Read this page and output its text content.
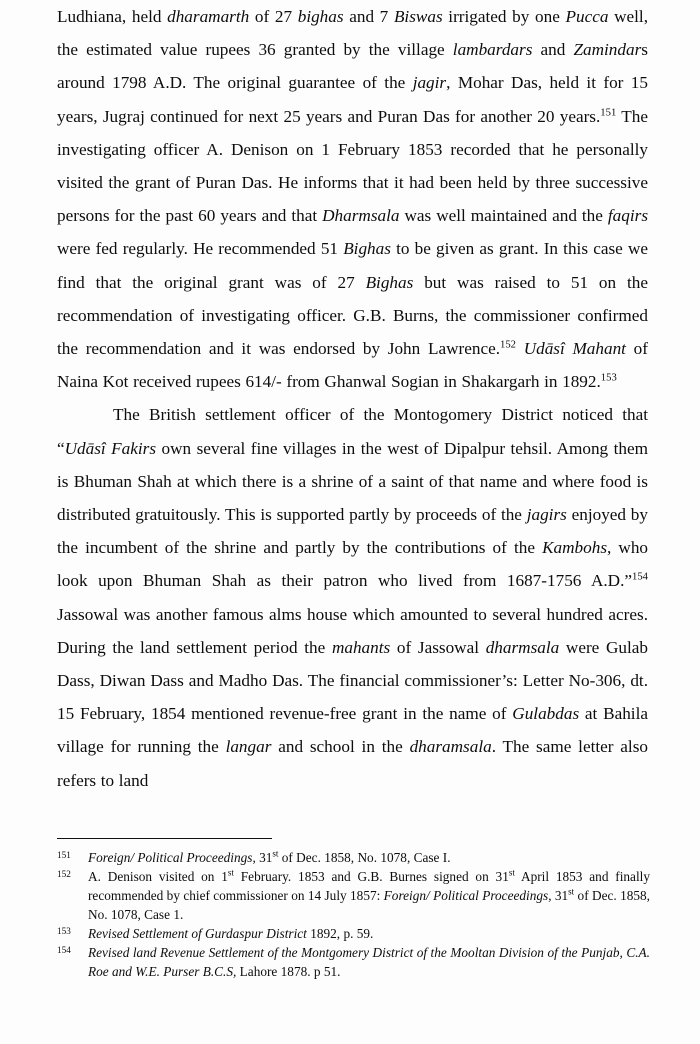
Ludhiana, held dharamarth of 27 bighas and 7 Biswas irrigated by one Pucca well, the estimated value rupees 36 granted by the village lambardars and Zamindars around 1798 A.D. The original guarantee of the jagir, Mohar Das, held it for 15 years, Jugraj continued for next 25 years and Puran Das for another 20 years.$^{151}$ The investigating officer A. Denison on 1 February 1853 recorded that he personally visited the grant of Puran Das. He informs that it had been held by three successive persons for the past 60 years and that Dharmsala was well maintained and the faqirs were fed regularly. He recommended 51 Bighas to be given as grant. In this case we find that the original grant was of 27 Bighas but was raised to 51 on the recommendation of investigating officer. G.B. Burns, the commissioner confirmed the recommendation and it was endorsed by John Lawrence.$^{152}$ Udāsî Mahant of Naina Kot received rupees 614/- from Ghanwal Sogian in Shakargarh in 1892.$^{153}$

The British settlement officer of the Montogomery District noticed that “Udāsî Fakirs own several fine villages in the west of Dipalpur tehsil. Among them is Bhuman Shah at which there is a shrine of a saint of that name and where food is distributed gratuitously. This is supported partly by proceeds of the jagirs enjoyed by the incumbent of the shrine and partly by the contributions of the Kambohs, who look upon Bhuman Shah as their patron who lived from 1687-1756 A.D.”$^{154}$ Jassowal was another famous alms house which amounted to several hundred acres. During the land settlement period the mahants of Jassowal dharmsala were Gulab Dass, Diwan Dass and Madho Das. The financial commissioner’s: Letter No-306, dt. 15 February, 1854 mentioned revenue-free grant in the name of Gulabdas at Bahila village for running the langar and school in the dharamsala. The same letter also refers to land

151	Foreign/ Political Proceedings, 31st of Dec. 1858, No. 1078, Case I.

152	A. Denison visited on 1st February. 1853 and G.B. Burnes signed on 31st April 1853 and finally recommended by chief commissioner on 14 July 1857: Foreign/ Political Proceedings, 31st of Dec. 1858, No. 1078, Case 1.

153	Revised Settlement of Gurdaspur District 1892, p. 59.

154	Revised land Revenue Settlement of the Montgomery District of the Mooltan Division of the Punjab, C.A. Roe and W.E. Purser B.C.S, Lahore 1878. p 51.
